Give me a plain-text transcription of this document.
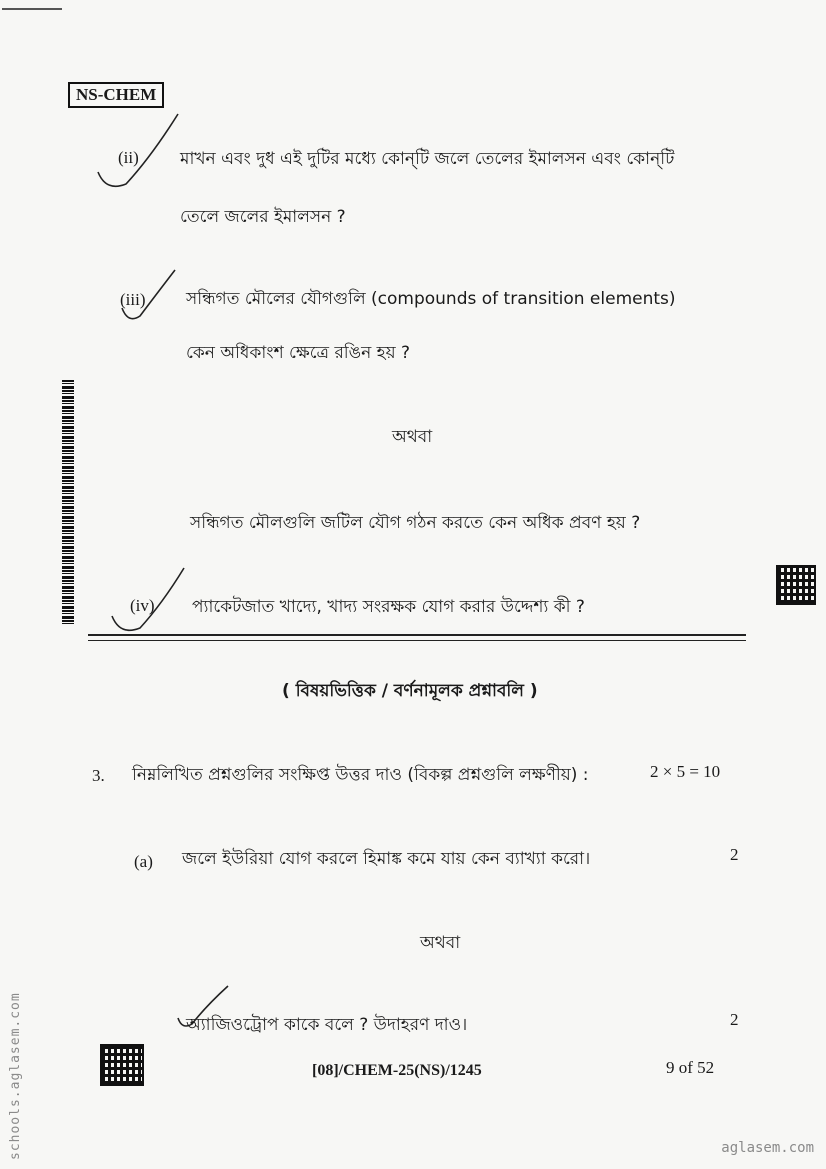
NS-CHEM
(ii) মাখন এবং দুধ এই দুটির মধ্যে কোন্‌টি জলে তেলের ইমালসন এবং কোন্‌টি
তেলে জলের ইমালসন ?
(iii) সন্ধিগত মৌলের যৌগগুলি (compounds of transition elements)
কেন অধিকাংশ ক্ষেত্রে রঙিন হয় ?
অথবা
সন্ধিগত মৌলগুলি জটিল যৌগ গঠন করতে কেন অধিক প্রবণ হয় ?
(iv) প্যাকেটজাত খাদ্যে, খাদ্য সংরক্ষক যোগ করার উদ্দেশ্য কী ?
( বিষয়ভিত্তিক / বর্ণনামূলক প্রশ্নাবলি )
3. নিম্নলিখিত প্রশ্নগুলির সংক্ষিপ্ত উত্তর দাও (বিকল্প প্রশ্নগুলি লক্ষণীয়) :	2 × 5 = 10
(a) জলে ইউরিয়া যোগ করলে হিমাঙ্ক কমে যায় কেন ব্যাখ্যা করো।	2
অথবা
অ্যাজিওট্রোপ কাকে বলে ? উদাহরণ দাও।	2
[08]/CHEM-25(NS)/1245	9 of 52
schools.aglasem.com	aglasem.com
